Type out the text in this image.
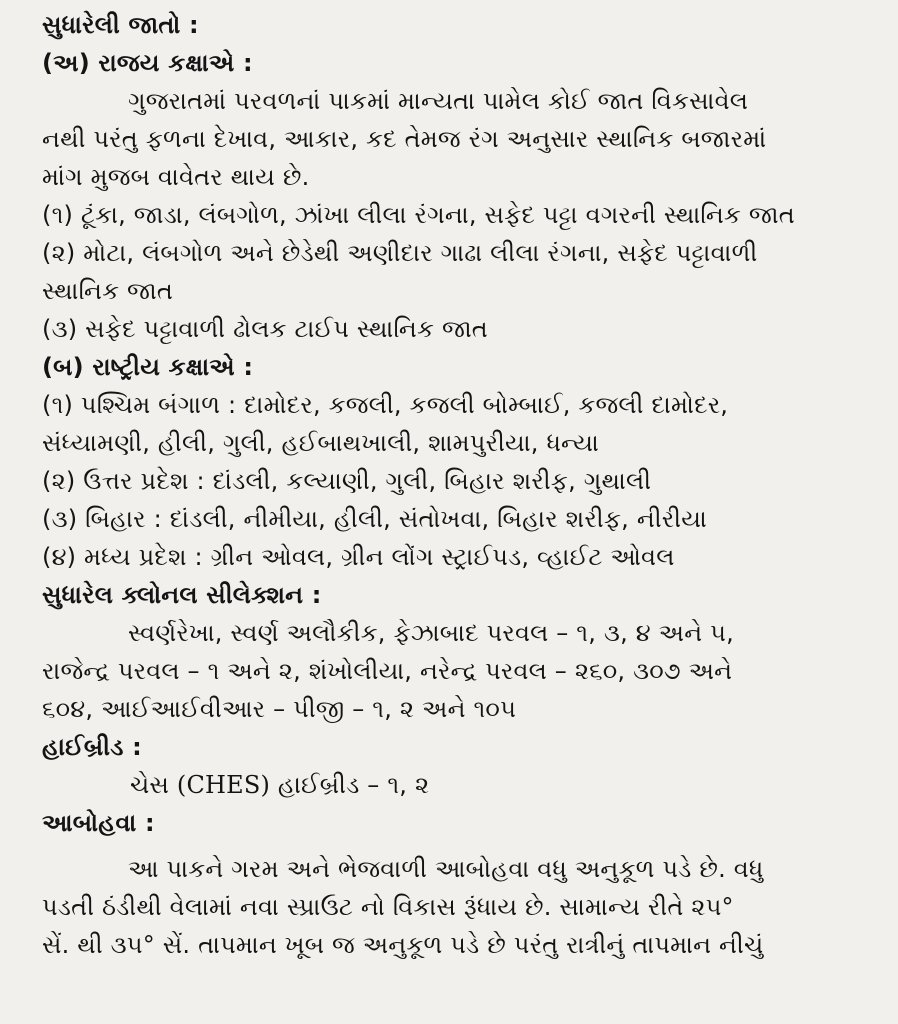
સુધારેલી જાતો :
(અ) રાજય કક્ષાએ :
ગુજરાતમાં પરવળનાં પાકમાં માન્યતા પામેલ કોઈ જાત વિકસાવેલ
નથી પરંતુ ફળના દેખાવ, આકાર, કદ તેમજ રંગ અનુસાર સ્થાનિક બજારમાં
માંગ મુજબ વાવેતર થાય છે.
(૧) ટૂંકા, જાડા, લંબગોળ, ઝાંખા લીલા રંગના, સફેદ પટ્ટા વગરની સ્થાનિક જાત
(૨) મોટા, લંબગોળ અને છેડેથી અણીદાર ગાઢા લીલા રંગના, સફેદ પટ્ટાવાળી
સ્થાનિક જાત
(૩) સફેદ પટ્ટાવાળી ઢોલક ટાઈપ સ્થાનિક જાત
(બ) રાષ્ટ્રીય કક્ષાએ :
(૧) પશ્ચિમ બંગાળ : દામોદર, કજલી, કજલી બોમ્બાઈ, કજલી દામોદર,
સંધ્યામણી, હીલી, ગુલી, હઈબાથખાલી, શામપુરીયા, ધન્યા
(૨) ઉત્તર પ્રદેશ : દાંડલી, કલ્યાણી, ગુલી, બિહાર શરીફ, ગુથાલી
(૩) બિહાર : દાંડલી, નીમીયા, હીલી, સંતોખવા, બિહાર શરીફ, નીરીયા
(૪) મધ્ય પ્રદેશ : ગ્રીન ઓવલ, ગ્રીન લોંગ સ્ટ્રાઈપડ, વ્હાઈટ ઓવલ
સુધારેલ ક્લોનલ સીલેક્શન :
સ્વર્ણરેખા, સ્વર્ણ અલૌકીક, ફેઝાબાદ પરવલ – ૧, ૩, ૪ અને ૫,
રાજેન્દ્ર પરવલ – ૧ અને ૨, શંખોલીયા, નરેન્દ્ર પરવલ – ૨૬૦, ૩૦૭ અને
૬૦૪, આઈઆઈવીઆર – પીજી – ૧, ૨ અને ૧૦૫
હાઈબ્રીડ :
ચેસ (CHES) હાઈબ્રીડ – ૧, ૨
આબોહવા :
આ પાકને ગરમ અને ભેજવાળી આબોહવા વધુ અનુકૂળ પડે છે. વધુ
પડતી ઠંડીથી વેલામાં નવા સ્પ્રાઉટ નો વિકાસ રૂંધાય છે. સામાન્ય રીતે ૨૫°
સેં. થી ૩૫° સેં. તાપમાન ખૂબ જ અનુકૂળ પડે છે પરંતુ રાત્રીનું તાપમાન નીચું
